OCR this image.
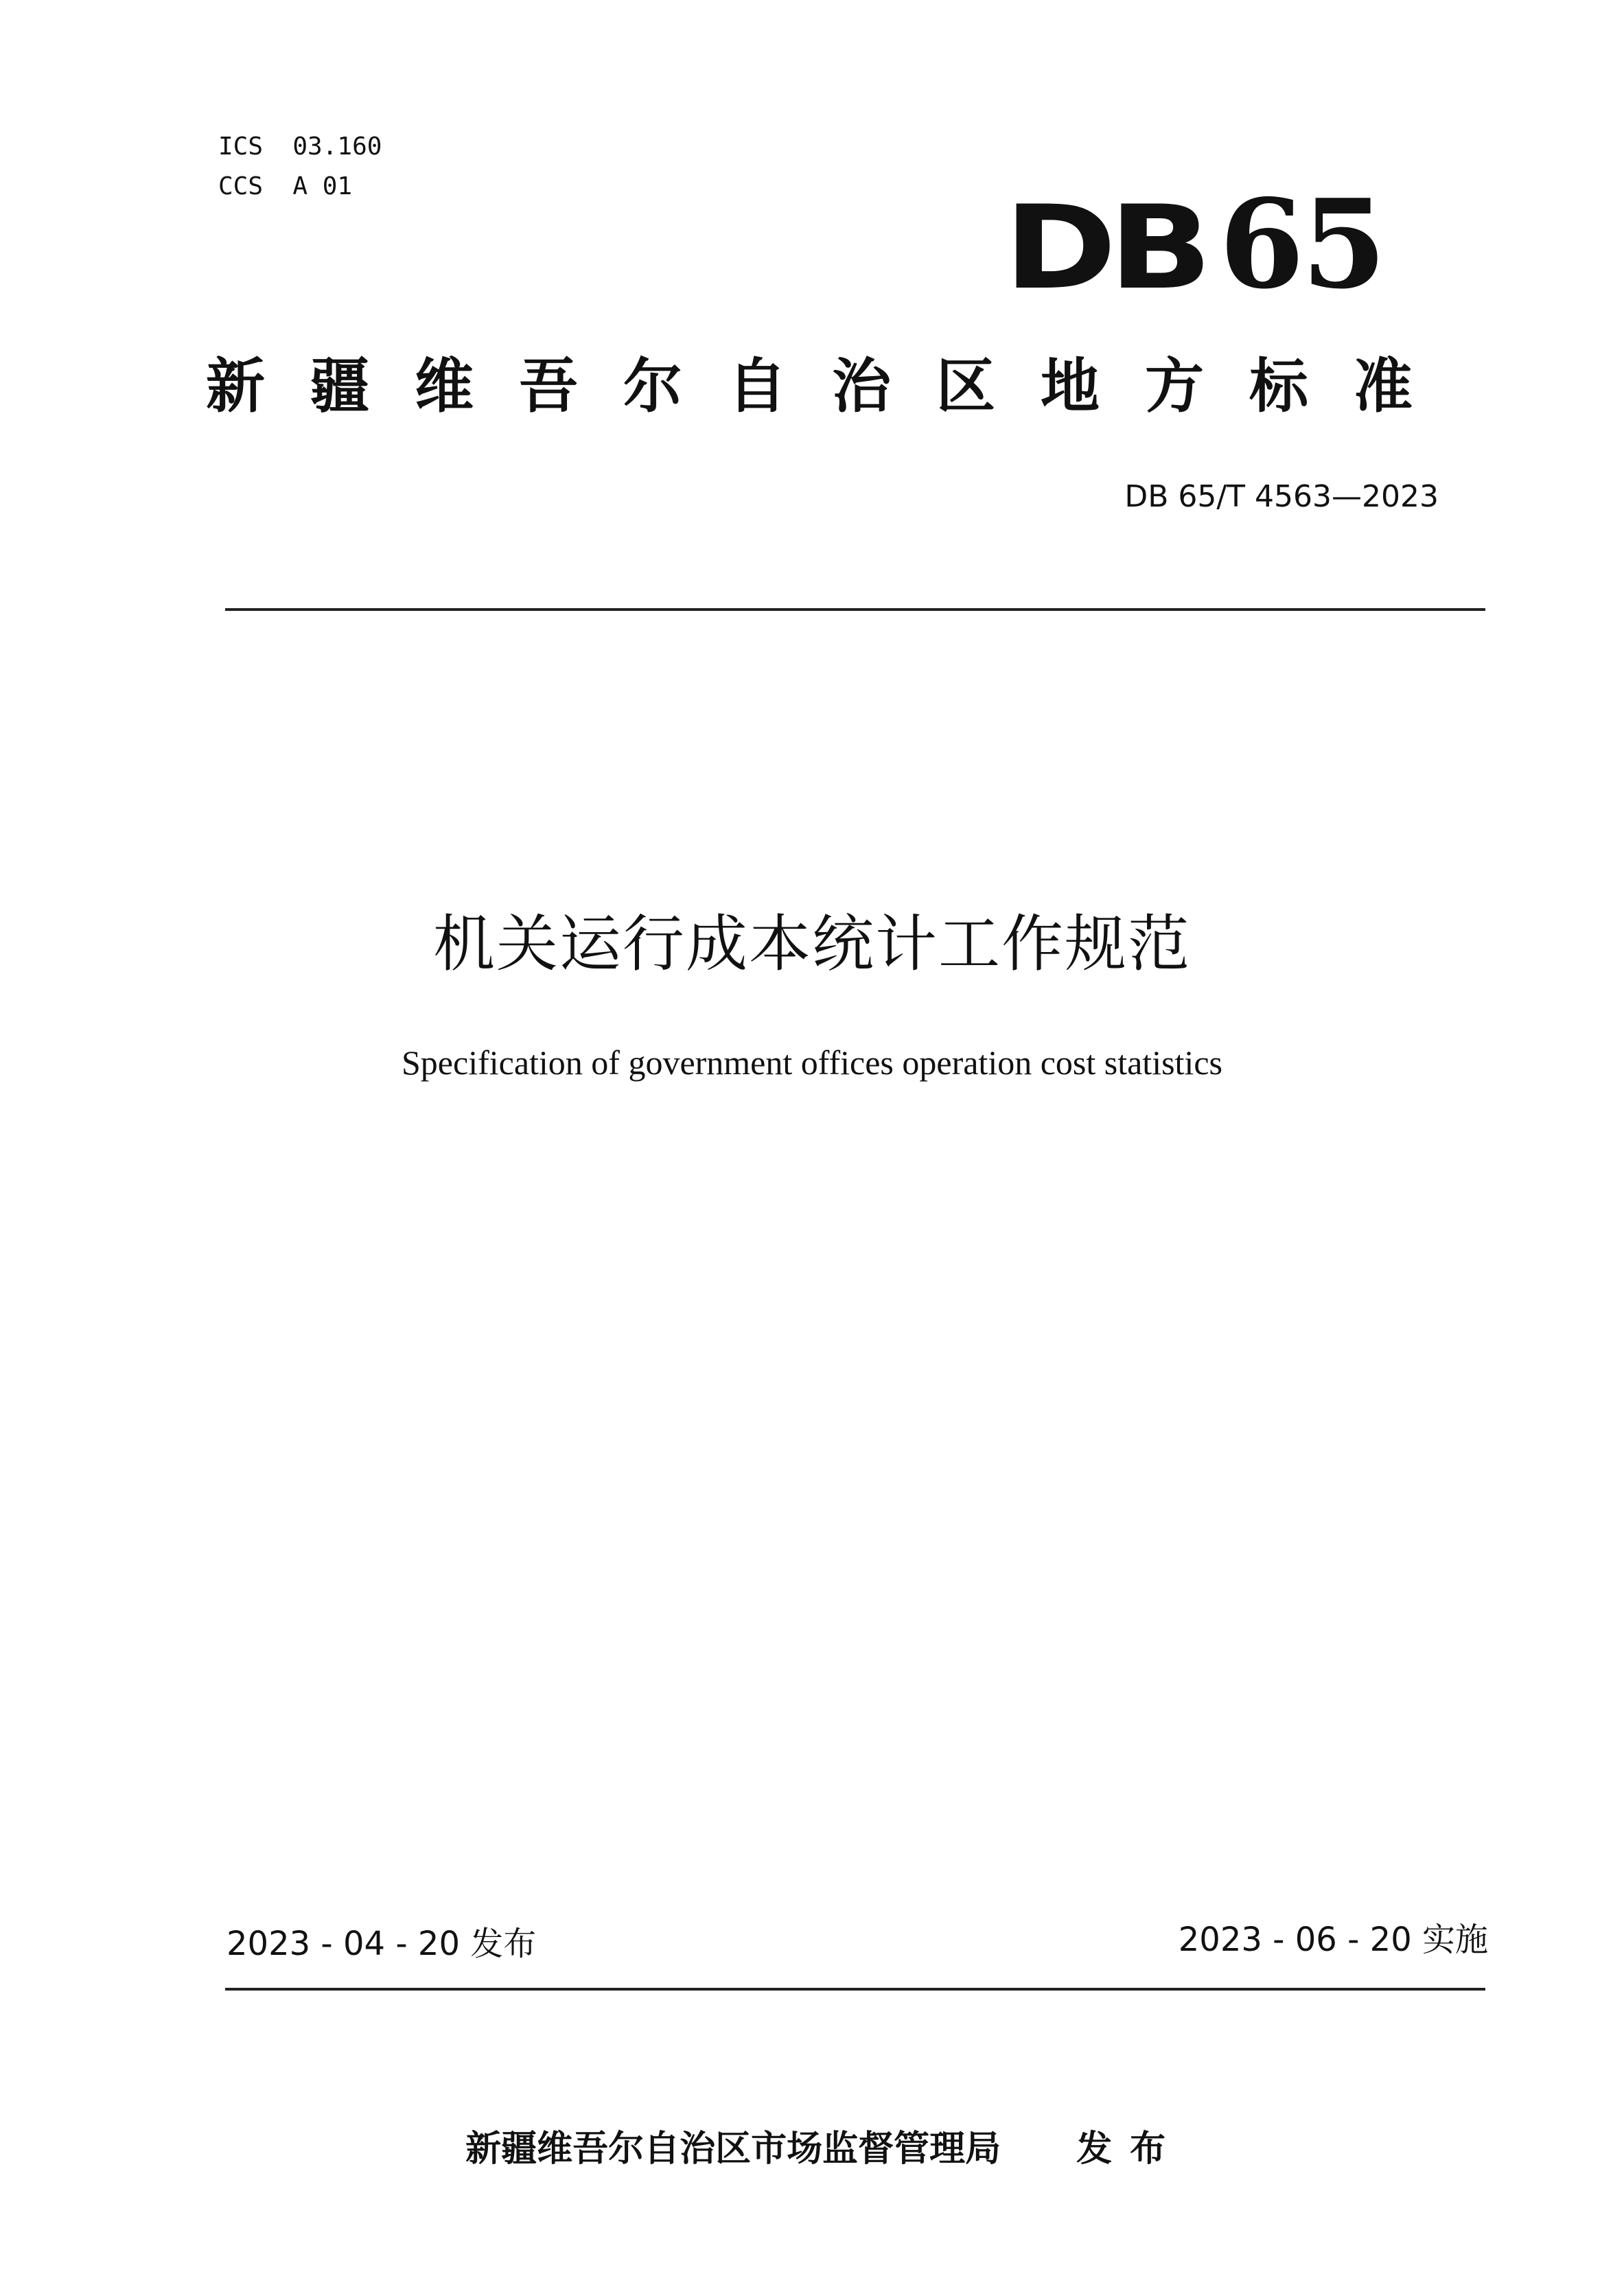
ICS  03.160
CCS  A 01	DB 65
新疆维吾尔自治区地方标准
DB 65/T 4563—2023
机关运行成本统计工作规范
Specification of government offices operation cost statistics
2023 - 04 - 20 发布	2023 - 06 - 20 实施

新疆维吾尔自治区市场监督管理局 发布
